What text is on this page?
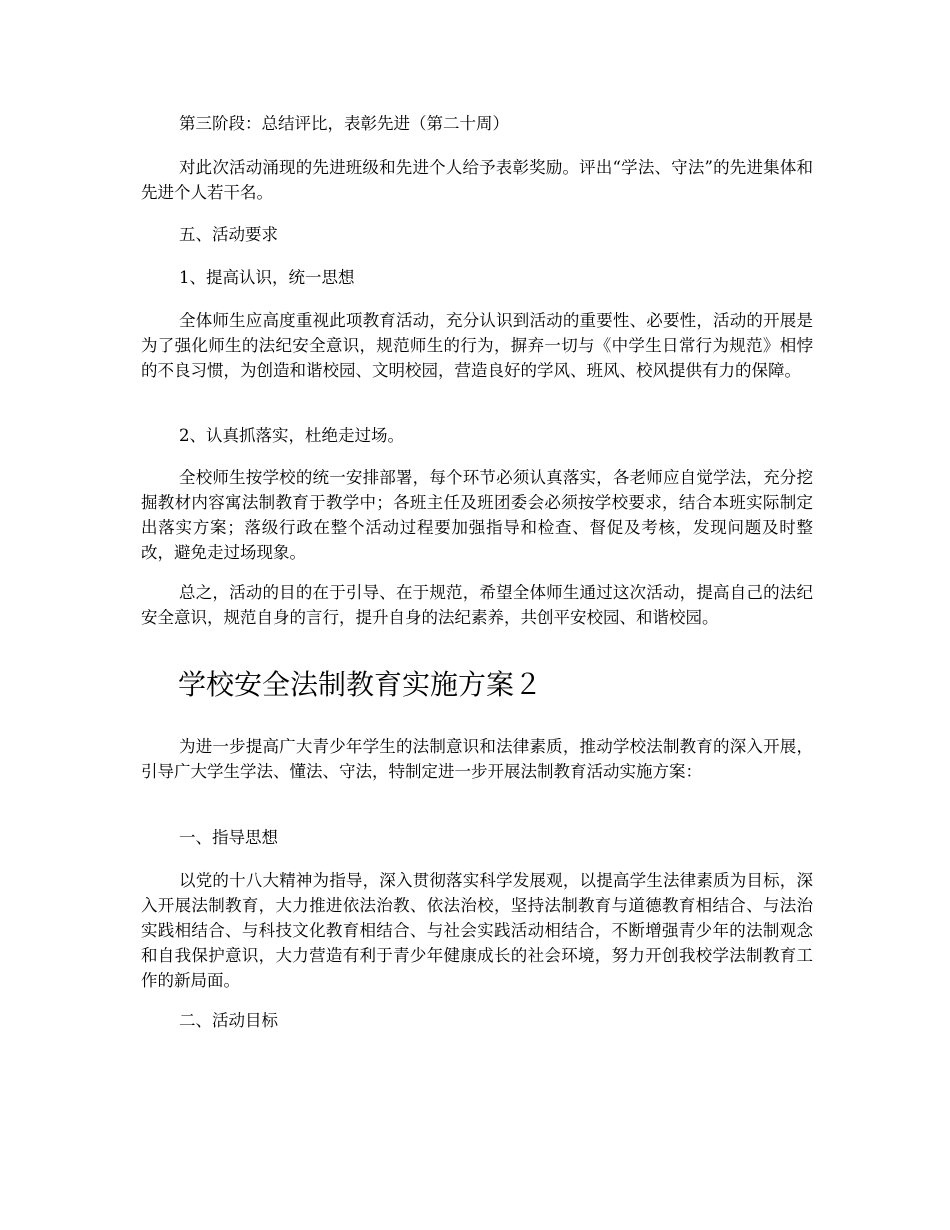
第三阶段：总结评比，表彰先进（第二十周）

对此次活动涌现的先进班级和先进个人给予表彰奖励。评出“学法、守法”的先进集体和先进个人若干名。

五、活动要求

1、提高认识，统一思想

全体师生应高度重视此项教育活动，充分认识到活动的重要性、必要性，活动的开展是为了强化师生的法纪安全意识，规范师生的行为，摒弃一切与《中学生日常行为规范》相悖的不良习惯，为创造和谐校园、文明校园，营造良好的学风、班风、校风提供有力的保障。

2、认真抓落实，杜绝走过场。

全校师生按学校的统一安排部署，每个环节必须认真落实，各老师应自觉学法，充分挖掘教材内容寓法制教育于教学中；各班主任及班团委会必须按学校要求，结合本班实际制定出落实方案；落级行政在整个活动过程要加强指导和检查、督促及考核，发现问题及时整改，避免走过场现象。

总之，活动的目的在于引导、在于规范，希望全体师生通过这次活动，提高自己的法纪安全意识，规范自身的言行，提升自身的法纪素养，共创平安校园、和谐校园。

学校安全法制教育实施方案２

为进一步提高广大青少年学生的法制意识和法律素质，推动学校法制教育的深入开展，引导广大学生学法、懂法、守法，特制定进一步开展法制教育活动实施方案：

一、指导思想

以党的十八大精神为指导，深入贯彻落实科学发展观，以提高学生法律素质为目标，深入开展法制教育，大力推进依法治教、依法治校，坚持法制教育与道德教育相结合、与法治实践相结合、与科技文化教育相结合、与社会实践活动相结合，不断增强青少年的法制观念和自我保护意识，大力营造有利于青少年健康成长的社会环境，努力开创我校学法制教育工作的新局面。

二、活动目标
